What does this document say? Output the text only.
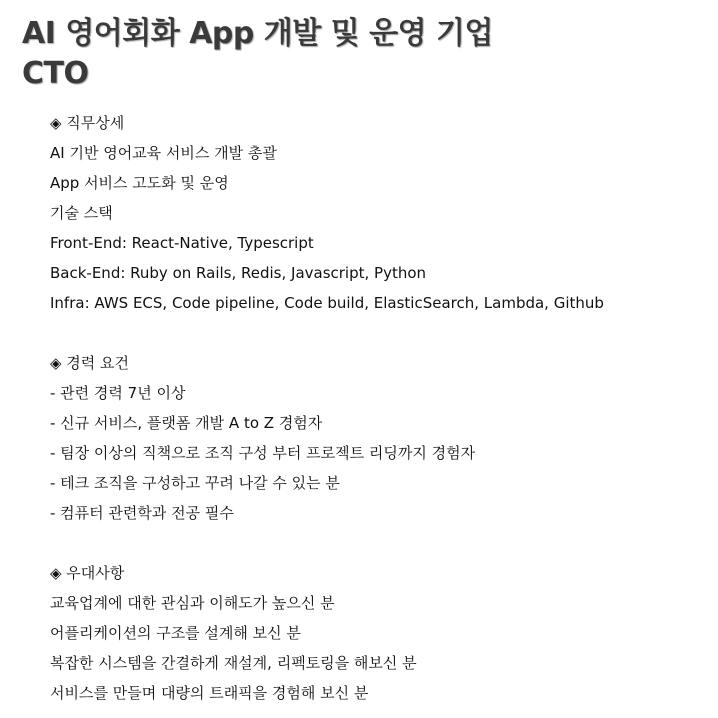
AI 영어회화 App 개발 및 운영 기업
CTO
◈ 직무상세
AI 기반 영어교육 서비스 개발 총괄
App 서비스 고도화 및 운영
기술 스택
Front-End: React-Native, Typescript
Back-End: Ruby on Rails, Redis, Javascript, Python
Infra: AWS ECS, Code pipeline, Code build, ElasticSearch, Lambda, Github
◈ 경력 요건
- 관련 경력 7년 이상
- 신규 서비스, 플랫폼 개발 A to Z 경험자
- 팀장 이상의 직책으로 조직 구성 부터 프로젝트 리딩까지 경험자
- 테크 조직을 구성하고 꾸려 나갈 수 있는 분
- 컴퓨터 관련학과 전공 필수
◈ 우대사항
교육업계에 대한 관심과 이해도가 높으신 분
어플리케이션의 구조를 설계해 보신 분
복잡한 시스템을 간결하게 재설계, 리펙토링을 해보신 분
서비스를 만들며 대량의 트래픽을 경험해 보신 분
